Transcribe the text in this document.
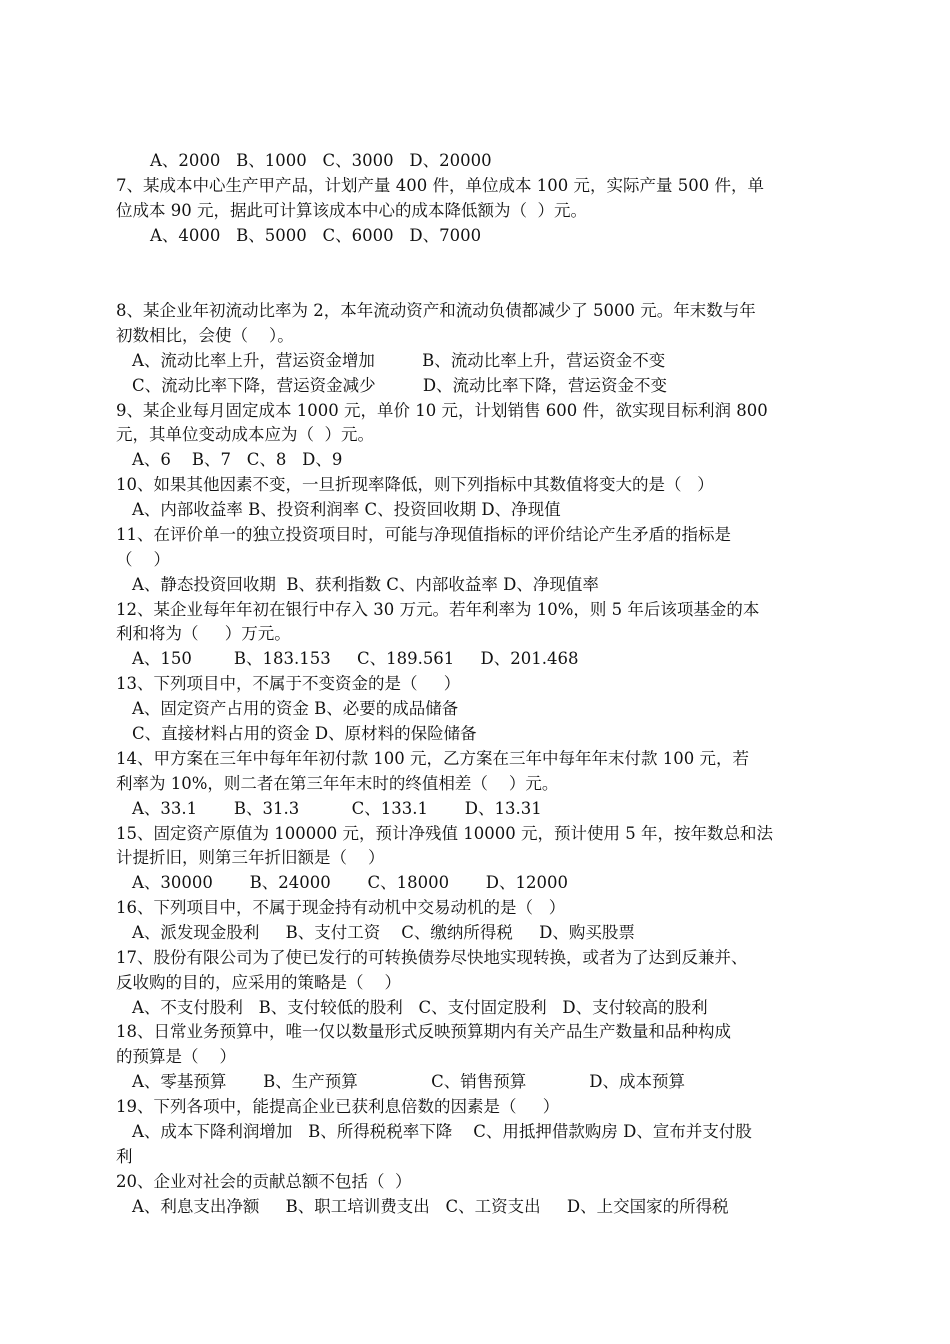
A、2000   B、1000   C、3000   D、20000
7、某成本中心生产甲产品，计划产量 400 件，单位成本 100 元，实际产量 500 件，单
位成本 90 元，据此可计算该成本中心的成本降低额为（  ）元。
A、4000   B、5000   C、6000   D、7000
8、某企业年初流动比率为 2，本年流动资产和流动负债都减少了 5000 元。年末数与年
初数相比，会使（    ）。
A、流动比率上升，营运资金增加         B、流动比率上升，营运资金不变
C、流动比率下降，营运资金减少         D、流动比率下降，营运资金不变
9、某企业每月固定成本 1000 元，单价 10 元，计划销售 600 件，欲实现目标利润 800
元，其单位变动成本应为（  ）元。
A、6    B、7   C、8   D、9
10、如果其他因素不变，一旦折现率降低，则下列指标中其数值将变大的是（   ）
A、内部收益率 B、投资利润率 C、投资回收期 D、净现值
11、在评价单一的独立投资项目时，可能与净现值指标的评价结论产生矛盾的指标是
（    ）
A、静态投资回收期  B、获利指数 C、内部收益率 D、净现值率
12、某企业每年年初在银行中存入 30 万元。若年利率为 10%，则 5 年后该项基金的本
利和将为（     ）万元。
A、150        B、183.153     C、189.561     D、201.468
13、下列项目中，不属于不变资金的是（     ）
A、固定资产占用的资金 B、必要的成品储备
C、直接材料占用的资金 D、原材料的保险储备
14、甲方案在三年中每年年初付款 100 元，乙方案在三年中每年年末付款 100 元，若
利率为 10%，则二者在第三年年末时的终值相差（    ）元。
A、33.1       B、31.3          C、133.1       D、13.31
15、固定资产原值为 100000 元，预计净残值 10000 元，预计使用 5 年，按年数总和法
计提折旧，则第三年折旧额是（    ）
A、30000       B、24000       C、18000       D、12000
16、下列项目中，不属于现金持有动机中交易动机的是（   ）
A、派发现金股利     B、支付工资    C、缴纳所得税     D、购买股票
17、股份有限公司为了使已发行的可转换债券尽快地实现转换，或者为了达到反兼并、
反收购的目的，应采用的策略是（    ）
A、不支付股利   B、支付较低的股利   C、支付固定股利   D、支付较高的股利
18、日常业务预算中，唯一仅以数量形式反映预算期内有关产品生产数量和品种构成
的预算是（    ）
A、零基预算       B、生产预算              C、销售预算            D、成本预算
19、下列各项中，能提高企业已获利息倍数的因素是（     ）
A、成本下降利润增加   B、所得税税率下降    C、用抵押借款购房 D、宣布并支付股
利
20、企业对社会的贡献总额不包括（  ）
A、利息支出净额     B、职工培训费支出   C、工资支出     D、上交国家的所得税
